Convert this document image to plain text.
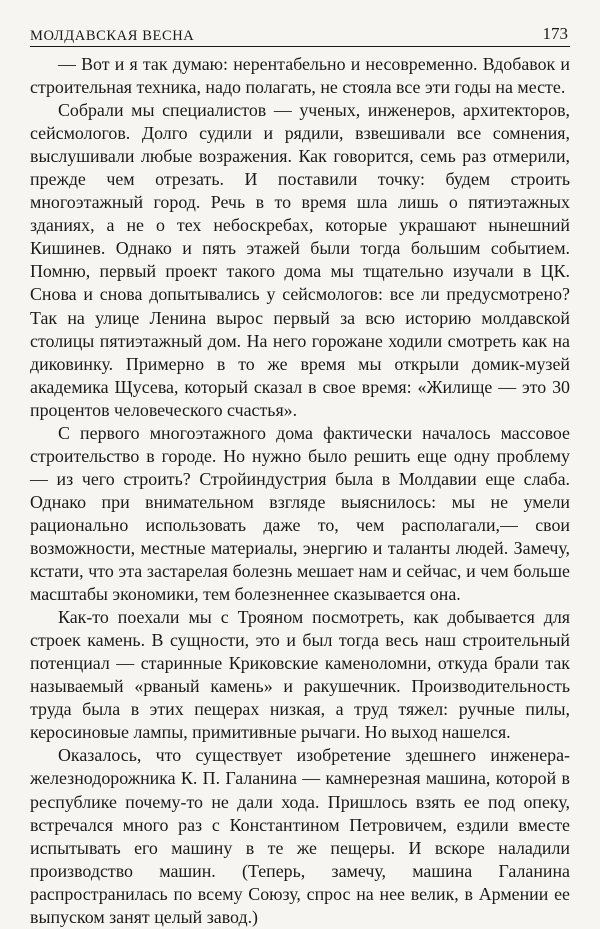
МОЛДАВСКАЯ ВЕСНА	173

— Вот и я так думаю: нерентабельно и несовременно. Вдобавок и строительная техника, надо полагать, не стояла все эти годы на месте.

Собрали мы специалистов — ученых, инженеров, архитекторов, сейсмологов. Долго судили и рядили, взвешивали все сомнения, выслушивали любые возражения. Как говорится, семь раз отмерили, прежде чем отрезать. И поставили точку: будем строить многоэтажный город. Речь в то время шла лишь о пятиэтажных зданиях, а не о тех небоскребах, которые украшают нынешний Кишинев. Однако и пять этажей были тогда большим событием. Помню, первый проект такого дома мы тщательно изучали в ЦК. Снова и снова допытывались у сейсмологов: все ли предусмотрено? Так на улице Ленина вырос первый за всю историю молдавской столицы пятиэтажный дом. На него горожане ходили смотреть как на диковинку. Примерно в то же время мы открыли домик-музей академика Щусева, который сказал в свое время: «Жилище — это 30 процентов человеческого счастья».

С первого многоэтажного дома фактически началось массовое строительство в городе. Но нужно было решить еще одну проблему — из чего строить? Стройиндустрия была в Молдавии еще слаба. Однако при внимательном взгляде выяснилось: мы не умели рационально использовать даже то, чем располагали,— свои возможности, местные материалы, энергию и таланты людей. Замечу, кстати, что эта застарелая болезнь мешает нам и сейчас, и чем больше масштабы экономики, тем болезненнее сказывается она.

Как-то поехали мы с Трояном посмотреть, как добывается для строек камень. В сущности, это и был тогда весь наш строительный потенциал — старинные Криковские каменоломни, откуда брали так называемый «рваный камень» и ракушечник. Производительность труда была в этих пещерах низкая, а труд тяжел: ручные пилы, керосиновые лампы, примитивные рычаги. Но выход нашелся.

Оказалось, что существует изобретение здешнего инженера-железнодорожника К. П. Галанина — камнерезная машина, которой в республике почему-то не дали хода. Пришлось взять ее под опеку, встречался много раз с Константином Петровичем, ездили вместе испытывать его машину в те же пещеры. И вскоре наладили производство машин. (Теперь, замечу, машина Галанина распространилась по всему Союзу, спрос на нее велик, в Армении ее выпуском занят целый завод.)
